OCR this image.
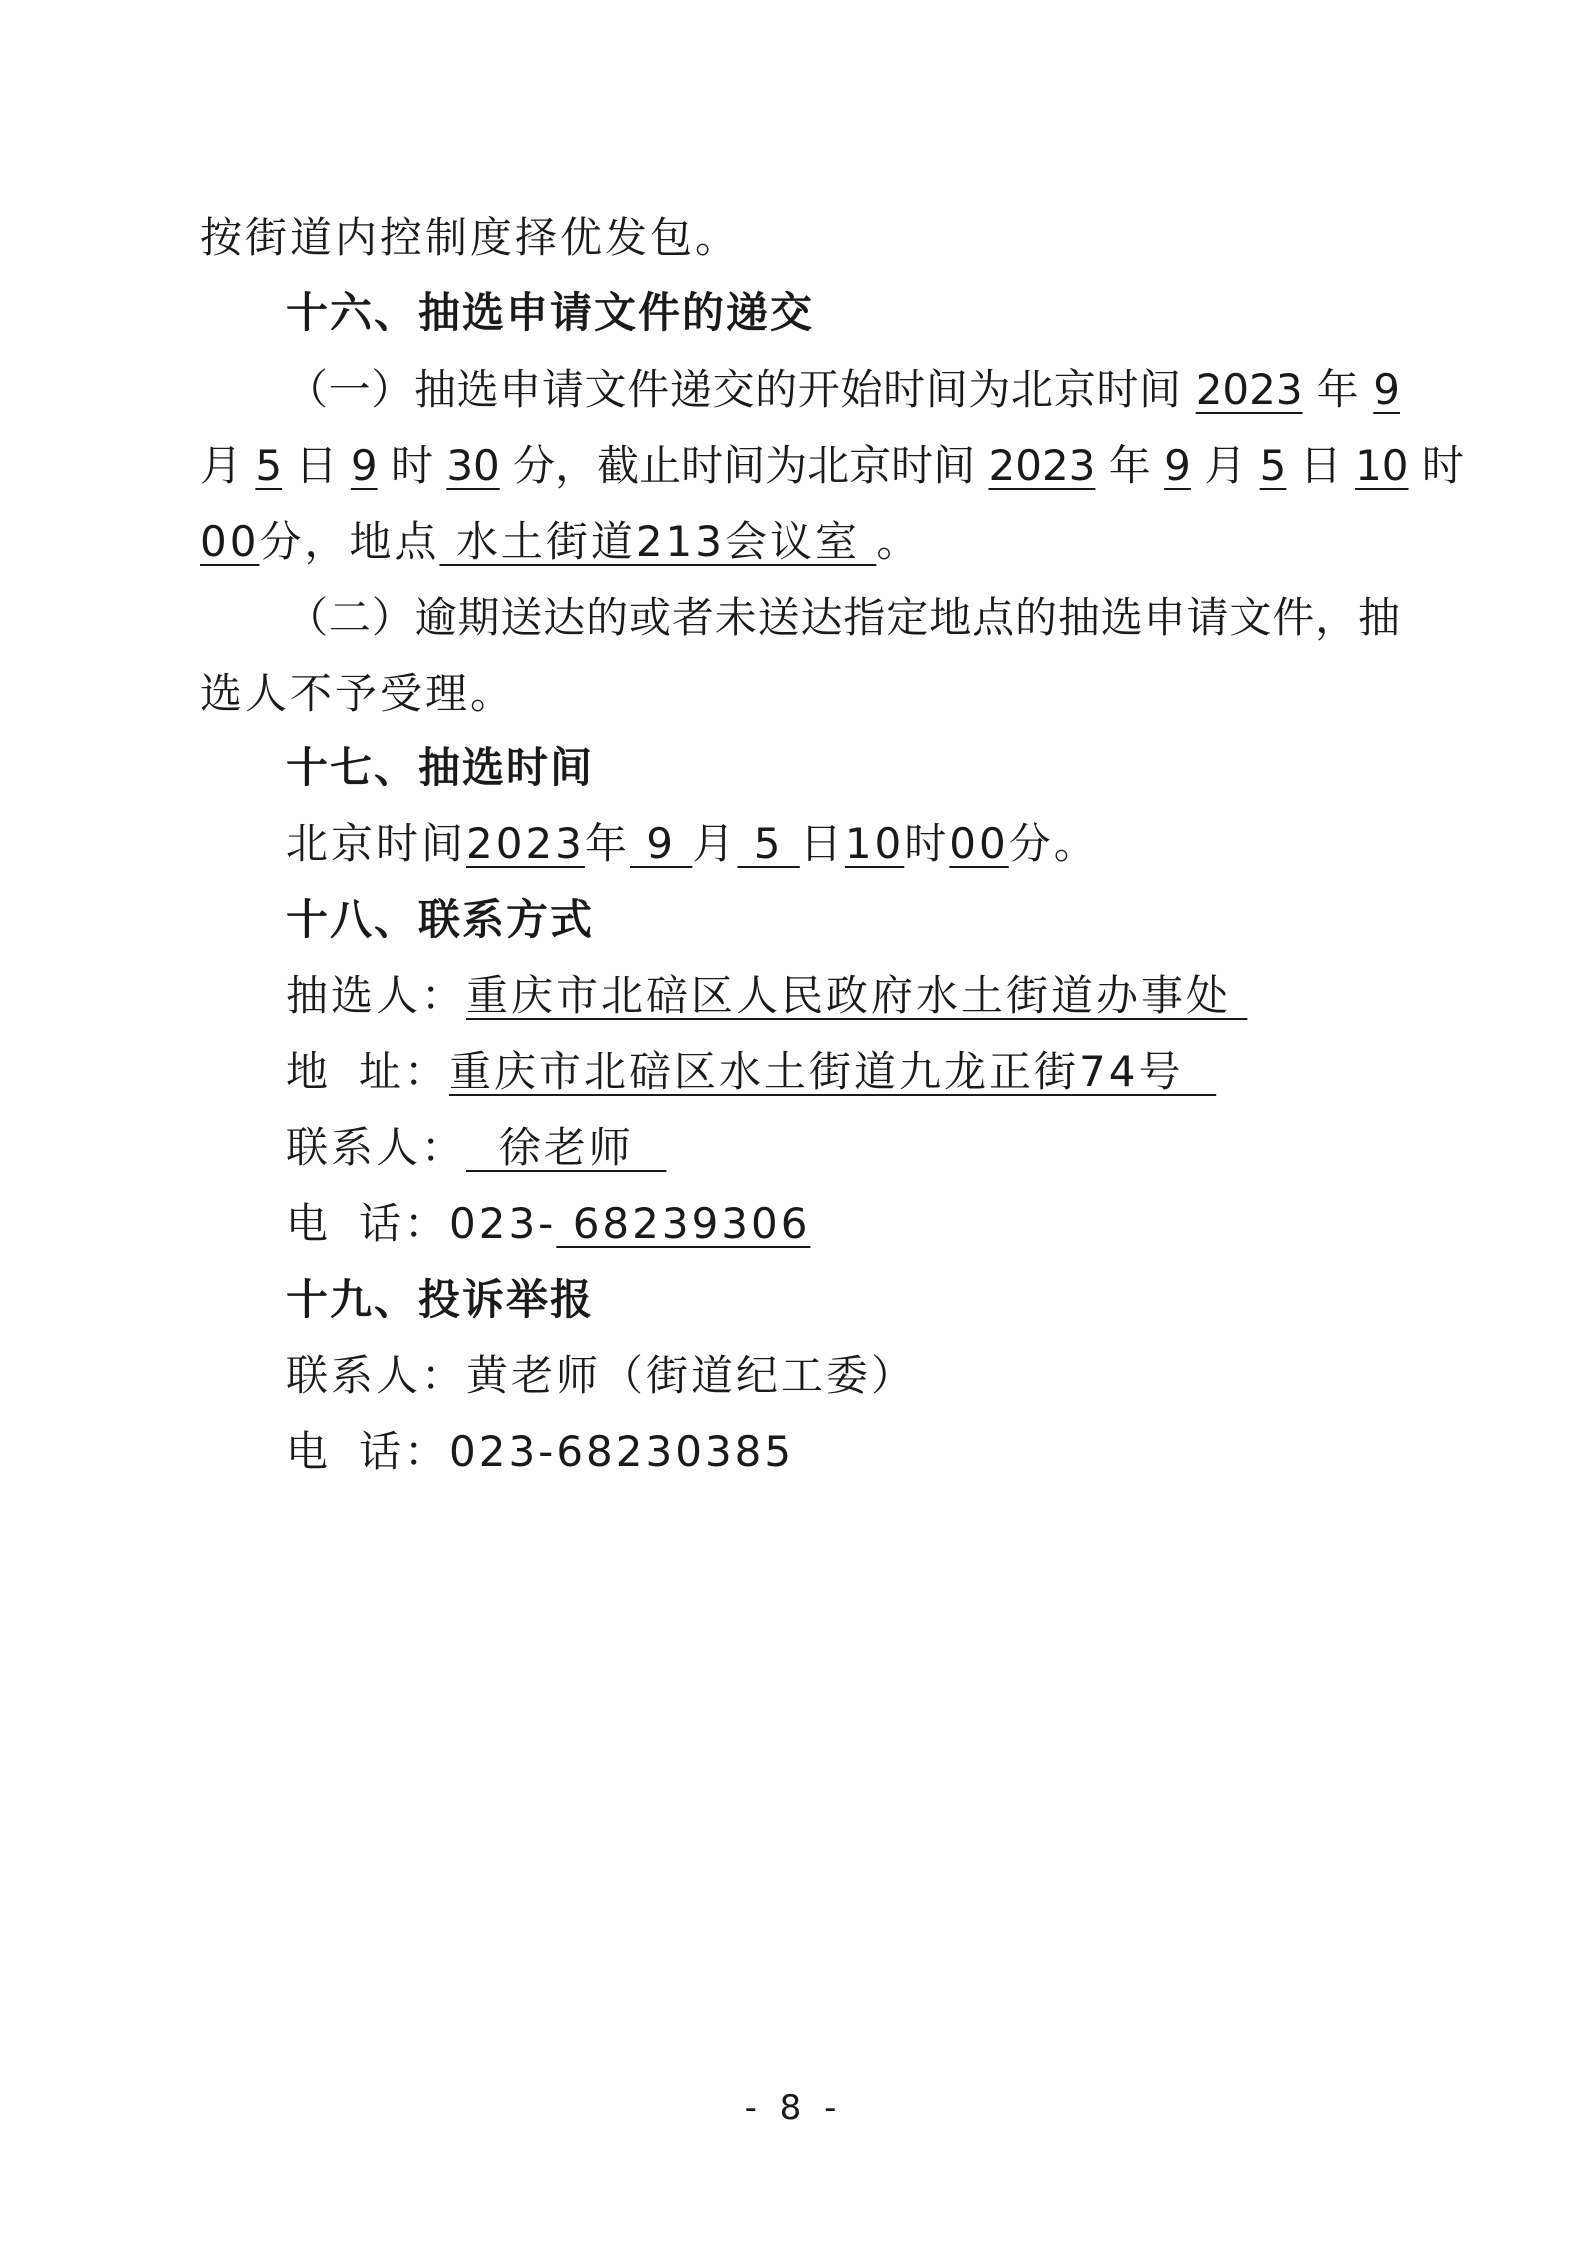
按街道内控制度择优发包。
十六、抽选申请文件的递交
（一）抽选申请文件递交的开始时间为北京时间 2023 年 9
月 5 日 9 时 30 分，截止时间为北京时间 2023 年 9 月 5 日 10 时
00分，地点 水土街道213会议室 。
（二）逾期送达的或者未送达指定地点的抽选申请文件，抽
选人不予受理。
十七、抽选时间
北京时间2023年 9 月 5 日10时00分。
十八、联系方式
抽选人：重庆市北碚区人民政府水土街道办事处
地址：重庆市北碚区水土街道九龙正街74号
联系人：  徐老师
电话：023- 68239306
十九、投诉举报
联系人：黄老师（街道纪工委）
电话：023-68230385
- 8 -
